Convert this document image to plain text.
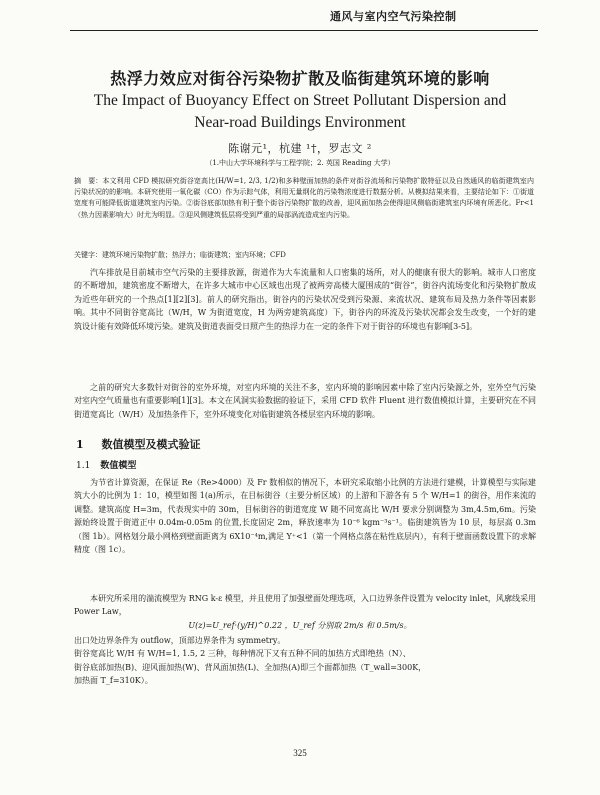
通风与室内空气污染控制
热浮力效应对街谷污染物扩散及临街建筑环境的影响
The Impact of Buoyancy Effect on Street Pollutant Dispersion and
Near-road Buildings Environment
陈谢元¹，杭建 ¹†，罗志文 ²
（1.中山大学环境科学与工程学院；2. 英国 Reading 大学）
摘　要：本文利用 CFD 模拟研究街谷宽高比(H/W=1, 2/3, 1/2)和多种壁面加热的条件对街谷流场和污染物扩散特征以及自然通风的临街建筑室内污染状况的的影响。本研究使用一氧化碳（CO）作为示踪气体，利用无量纲化的污染物浓度进行数据分析。从模拟结果来看，主要结论如下：①街道宽度有可能降低街道建筑室内污染。②街谷底部加热有利于整个街谷污染物扩散的改善，迎风面加热会使得迎风侧临街建筑室内环境有所恶化。Fr<1（热力因素影响大）时尤为明显。③迎风侧建筑低层将受到严重的局部涡流造成室内污染。
关键字：建筑环境污染物扩散；热浮力；临街建筑；室内环境；CFD
汽车排放是目前城市空气污染的主要排放源，街道作为大车流量和人口密集的场所，对人的健康有很大的影响。城市人口密度的不断增加，建筑密度不断增大，在许多大城市中心区域也出现了被两旁高楼大厦围成的“街谷”，街谷内流场变化和污染物扩散成为近些年研究的一个热点[1][2][3]。前人的研究指出，街谷内的污染状况受到污染源、来流状况、建筑布局及热力条件等因素影响。其中不同街谷宽高比（W/H，W 为街道宽度，H 为两旁建筑高度）下，街谷内的环流及污染状况都会发生改变，一个好的建筑设计能有效降低环境污染。建筑及街道表面受日照产生的热浮力在一定的条件下对于街谷的环境也有影响[3-5]。
之前的研究大多数针对街谷的室外环境，对室内环境的关注不多，室内环境的影响因素中除了室内污染源之外，室外空气污染对室内空气质量也有重要影响[1][3]。本文在风洞实验数据的验证下，采用 CFD 软件 Fluent 进行数值模拟计算，主要研究在不同街道宽高比（W/H）及加热条件下，室外环境变化对临街建筑各楼层室内环境的影响。
1 数值模型及模式验证
1.1 数值模型
为节省计算资源，在保证 Re（Re>4000）及 Fr 数相似的情况下，本研究采取缩小比例的方法进行建模，计算模型与实际建筑大小的比例为 1：10，模型如图 1(a)所示，在目标街谷（主要分析区域）的上游和下游各有 5 个 W/H=1 的街谷，用作来流的调整。建筑高度 H=3m，代表现实中的 30m，目标街谷的街道宽度 W 随不同宽高比 W/H 要求分别调整为 3m,4.5m,6m。污染源始终设置于街道正中 0.04m-0.05m 的位置,长度固定 2m，释放速率为 10⁻⁶ kgm⁻³s⁻¹。临街建筑皆为 10 层，每层高 0.3m（图 1b）。网格划分最小网格到壁面距离为 6X10⁻⁴m,满足 Y⁺<1（第一个网格点落在粘性底层内），有利于壁面函数设置下的求解精度（图 1c）。
本研究所采用的湍流模型为 RNG k-ε 模型，并且使用了加强壁面处理选项，入口边界条件设置为 velocity inlet，风廓线采用 Power Law，
U(z)=U_ref·(y/H)^0.22 ，U_ref 分别取 2m/s 和 0.5m/s。
出口处边界条件为 outflow，顶部边界条件为 symmetry。
街谷宽高比 W/H 有 W/H=1, 1.5, 2 三种，每种情况下又有五种不同的加热方式即绝热（N）、
街谷底部加热(B)、迎风面加热(W)、背风面加热(L)、全加热(A)即三个面都加热（T_wall=300K，
加热面 T_f=310K）。
325
